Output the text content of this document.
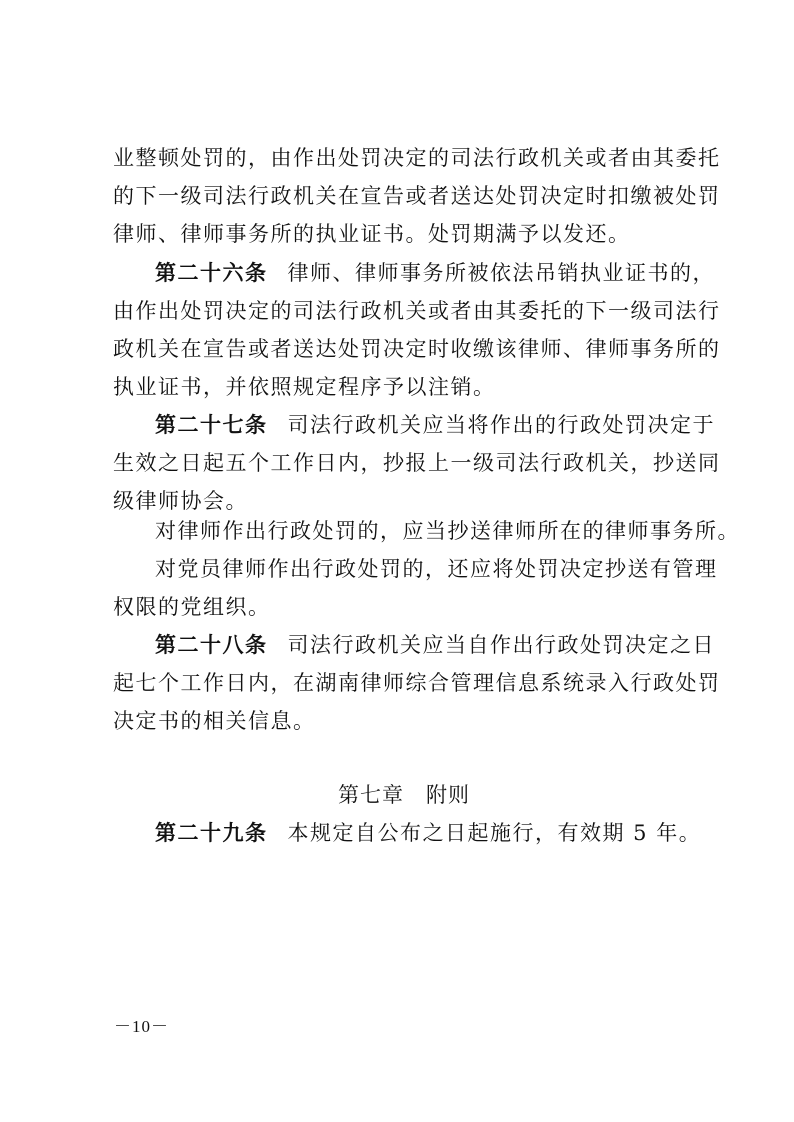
业整顿处罚的，由作出处罚决定的司法行政机关或者由其委托
的下一级司法行政机关在宣告或者送达处罚决定时扣缴被处罚
律师、律师事务所的执业证书。处罚期满予以发还。
第二十六条 律师、律师事务所被依法吊销执业证书的，
由作出处罚决定的司法行政机关或者由其委托的下一级司法行
政机关在宣告或者送达处罚决定时收缴该律师、律师事务所的
执业证书，并依照规定程序予以注销。
第二十七条 司法行政机关应当将作出的行政处罚决定于
生效之日起五个工作日内，抄报上一级司法行政机关，抄送同
级律师协会。
对律师作出行政处罚的，应当抄送律师所在的律师事务所。
对党员律师作出行政处罚的，还应将处罚决定抄送有管理
权限的党组织。
第二十八条 司法行政机关应当自作出行政处罚决定之日
起七个工作日内，在湖南律师综合管理信息系统录入行政处罚
决定书的相关信息。
第七章　附则
第二十九条 本规定自公布之日起施行，有效期 5 年。
－10－
